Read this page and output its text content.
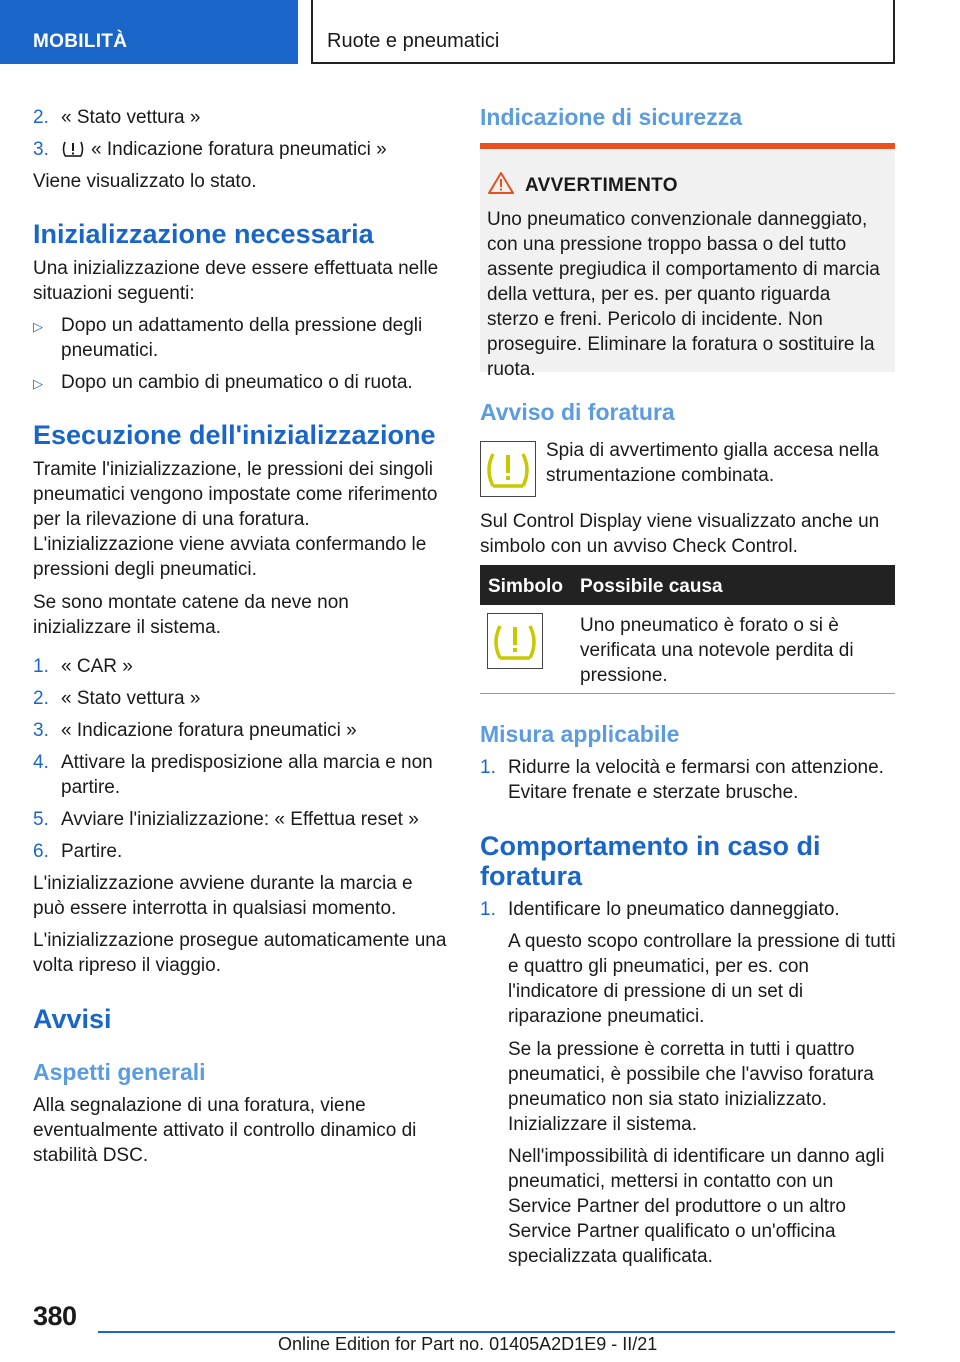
MOBILITÀ	Ruote e pneumatici
2. « Stato vettura »
3. « Indicazione foratura pneumatici »

Viene visualizzato lo stato.

Inizializzazione necessaria

Una inizializzazione deve essere effettuata nelle situazioni seguenti:

▷ Dopo un adattamento della pressione degli pneumatici.
▷ Dopo un cambio di pneumatico o di ruota.
Esecuzione dell'inizializzazione

Tramite l'inizializzazione, le pressioni dei singoli pneumatici vengono impostate come riferimento per la rilevazione di una foratura. L'inizializzazione viene avviata confermando le pressioni degli pneumatici.

Se sono montate catene da neve non inizializzare il sistema.

1. « CAR »
2. « Stato vettura »
3. « Indicazione foratura pneumatici »
4. Attivare la predisposizione alla marcia e non partire.
5. Avviare l'inizializzazione: « Effettua reset »
6. Partire.

L'inizializzazione avviene durante la marcia e può essere interrotta in qualsiasi momento.

L'inizializzazione prosegue automaticamente una volta ripreso il viaggio.

Avvisi
Aspetti generali

Alla segnalazione di una foratura, viene eventualmente attivato il controllo dinamico di stabilità DSC.

Indicazione di sicurezza
AVVERTIMENTO
Uno pneumatico convenzionale danneggiato, con una pressione troppo bassa o del tutto assente pregiudica il comportamento di marcia della vettura, per es. per quanto riguarda sterzo e freni. Pericolo di incidente. Non proseguire. Eliminare la foratura o sostituire la ruota.
Avviso di foratura

Spia di avvertimento gialla accesa nella strumentazione combinata.

Sul Control Display viene visualizzato anche un simbolo con un avviso Check Control.

Simbolo Possibile causa

Uno pneumatico è forato o si è verificata una notevole perdita di pressione.

Misura applicabile
1. Ridurre la velocità e fermarsi con attenzione. Evitare frenate e sterzate brusche.
Comportamento in caso di foratura
1. Identificare lo pneumatico danneggiato.

A questo scopo controllare la pressione di tutti e quattro gli pneumatici, per es. con l'indicatore di pressione di un set di riparazione pneumatici.

Se la pressione è corretta in tutti i quattro pneumatici, è possibile che l'avviso foratura pneumatico non sia stato inizializzato. Inizializzare il sistema.

Nell'impossibilità di identificare un danno agli pneumatici, mettersi in contatto con un Service Partner del produttore o un altro Service Partner qualificato o un'officina specializzata qualificata.

380
Online Edition for Part no. 01405A2D1E9 - II/21
